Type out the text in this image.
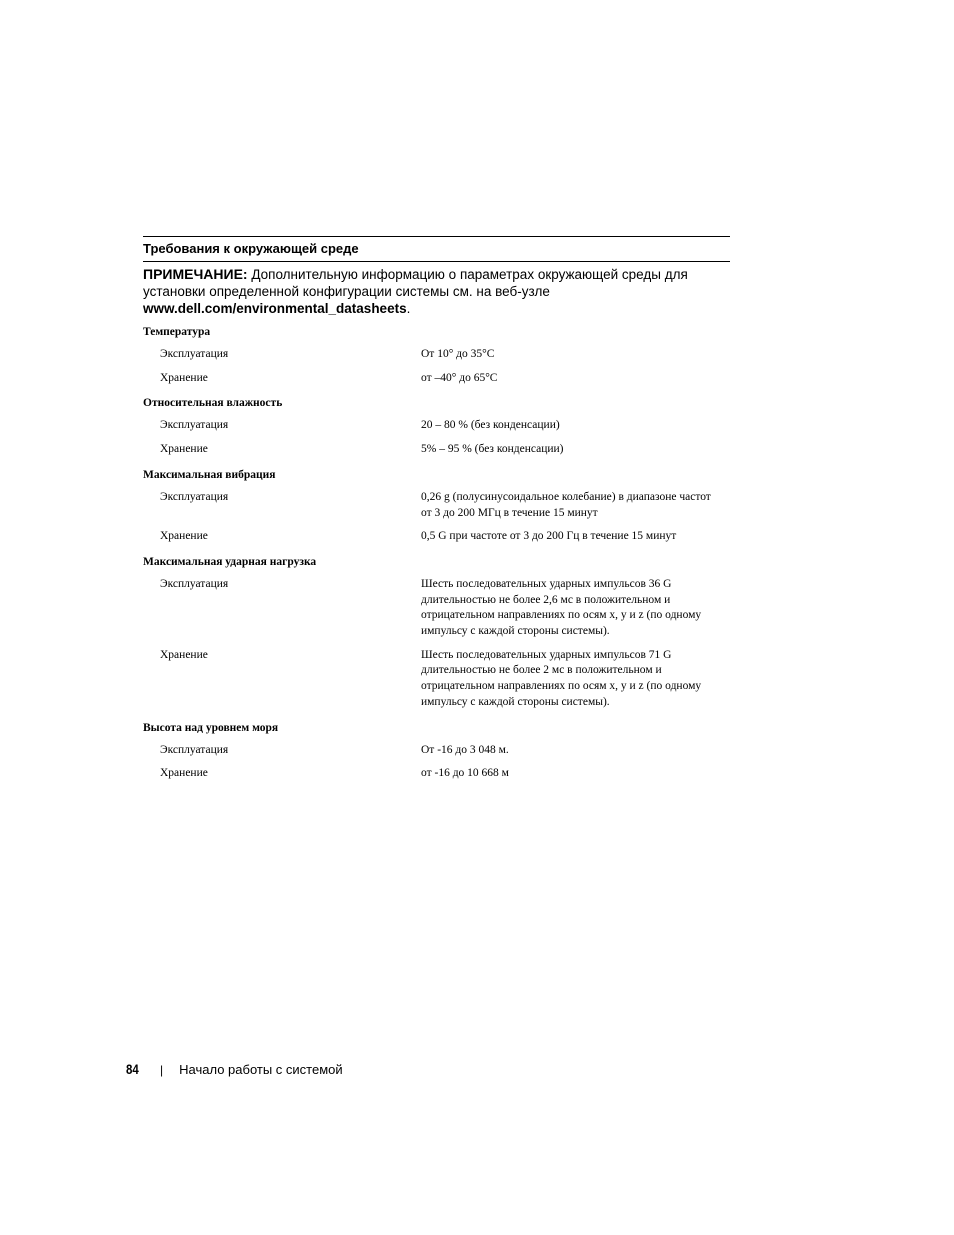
Требования к окружающей среде
ПРИМЕЧАНИЕ: Дополнительную информацию о параметрах окружающей среды для установки определенной конфигурации системы см. на веб-узле www.dell.com/environmental_datasheets.
Температура
Эксплуатация	От 10° до 35°C
Хранение	от –40° до 65°C
Относительная влажность
Эксплуатация	20 – 80 % (без конденсации)
Хранение	5% – 95 % (без конденсации)
Максимальная вибрация
Эксплуатация	0,26 g (полусинусоидальное колебание) в диапазоне частот от 3 до 200 МГц в течение 15 минут
Хранение	0,5 G при частоте от 3 до 200 Гц в течение 15 минут
Максимальная ударная нагрузка
Эксплуатация	Шесть последовательных ударных импульсов 36 G длительностью не более 2,6 мс в положительном и отрицательном направлениях по осям x, y и z (по одному импульсу с каждой стороны системы).
Хранение	Шесть последовательных ударных импульсов 71 G длительностью не более 2 мс в положительном и отрицательном направлениях по осям x, y и z (по одному импульсу с каждой стороны системы).
Высота над уровнем моря
Эксплуатация	От -16 до 3 048 м.
Хранение	от -16 до 10 668 м
84 | Начало работы с системой
